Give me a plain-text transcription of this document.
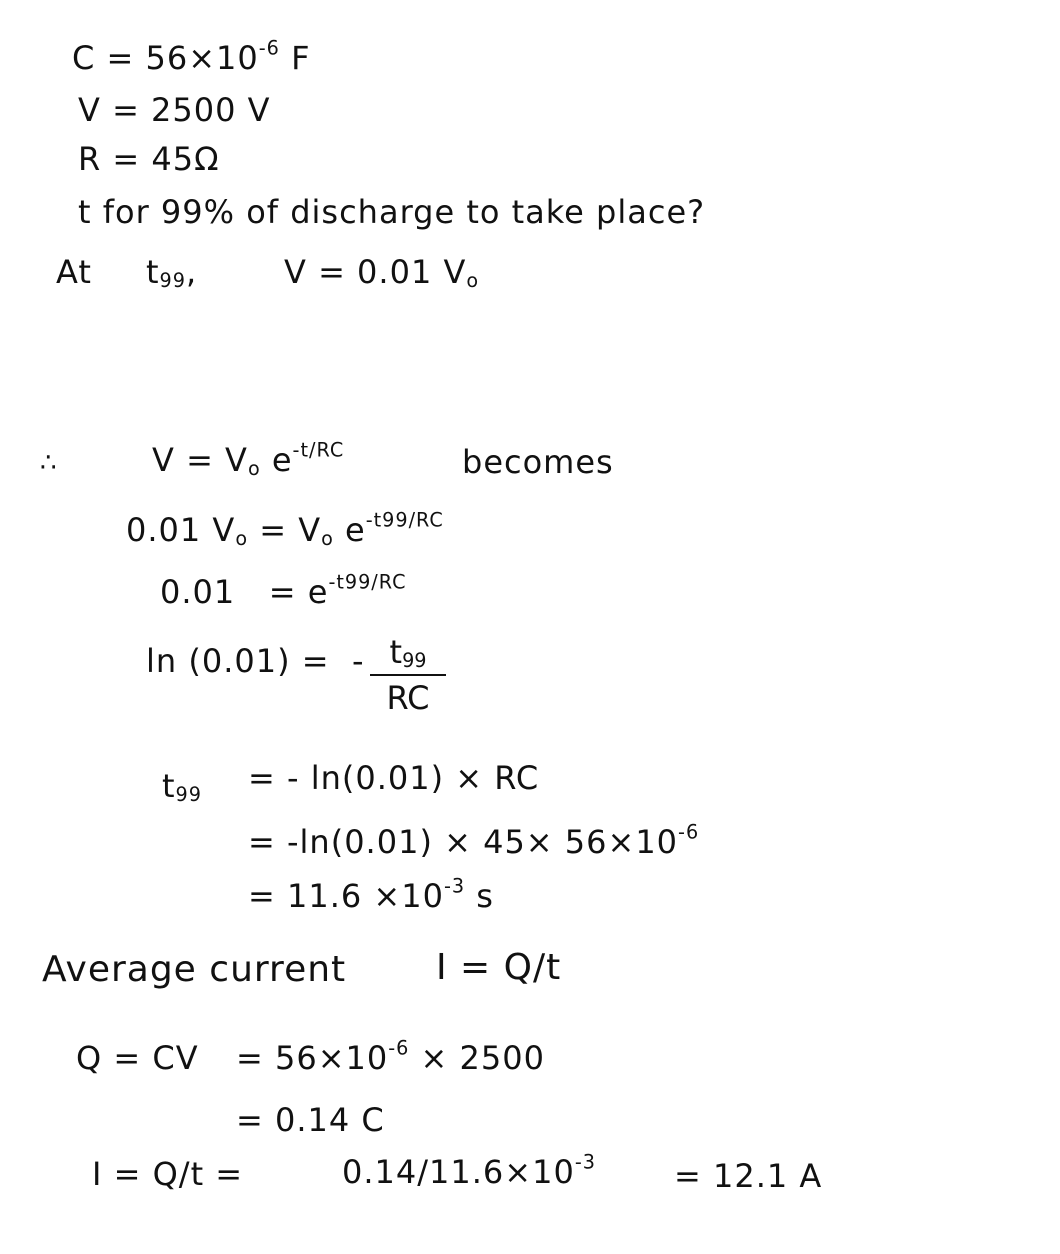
$C = 56\times 10^{-6}$ F
V = 2500 V
R = 45Ω
t for 99% of discharge to take place?
At $t_{99}$,	V = 0.01 $V_o$
∴	$V = V_o$ $e^{-t/RC}$	becomes
0.01 $V_o = V_o$ $e^{-t99/RC}$
$0.01 = e^{-t99/RC}$
ln (0.01) = - $t_{99}$
RC
$t_{99}$ = - ln(0.01) × RC
= $-\ln(0.01) \times 45\times 56\times 10^{-6}$
= $11.6 \times 10^{-3}$ s
Average current I = Q/t
Q = CV = $56\times 10^{-6} \times 2500$
= 0.14 C
I = Q/t =	$0.14/11.6\times 10^{-3} = 12.1$ A
